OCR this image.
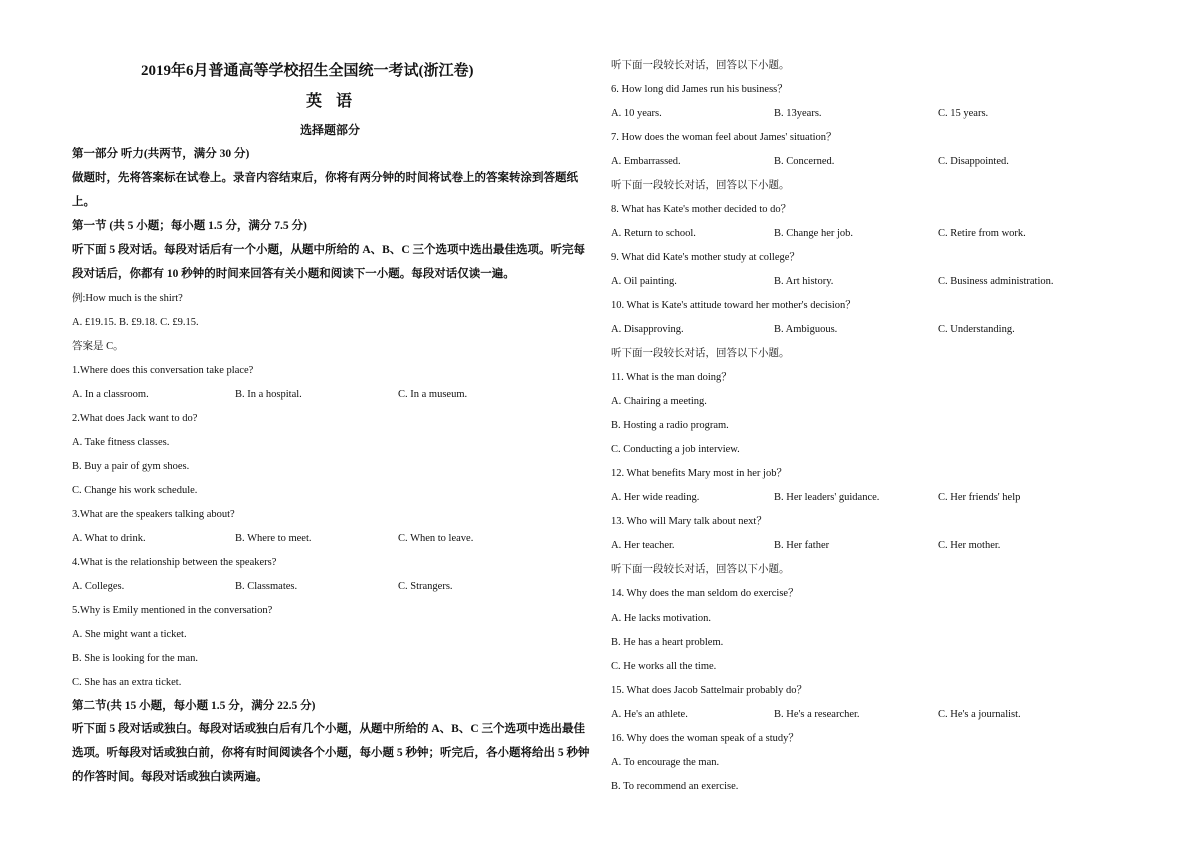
2019年6月普通高等学校招生全国统一考试(浙江卷)
英语
选择题部分
第一部分 听力(共两节，满分 30 分)
做题时，先将答案标在试卷上。录音内容结束后，你将有两分钟的时间将试卷上的答案转涂到答题纸上。
第一节 (共 5 小题；每小题 1.5 分，满分 7.5 分)
听下面 5 段对话。每段对话后有一个小题，从题中所给的 A、B、C 三个选项中选出最佳选项。听完每段对话后，你都有 10 秒钟的时间来回答有关小题和阅读下一小题。每段对话仅读一遍。
例:How much is the shirt?
A. £19.15. B. £9.18. C. £9.15.
答案是 C。
1.Where does this conversation take place?
A. In a classroom.	B. In a hospital.	C. In a museum.
2.What does Jack want to do?
A. Take fitness classes.
B. Buy a pair of gym shoes.
C. Change his work schedule.
3.What are the speakers talking about?
A. What to drink.	B. Where to meet.	C. When to leave.
4.What is the relationship between the speakers?
A. Colleges.	B. Classmates.	C. Strangers.
5.Why is Emily mentioned in the conversation?
A. She might want a ticket.
B. She is looking for the man.
C. She has an extra ticket.
第二节(共 15 小题，每小题 1.5 分，满分 22.5 分)
听下面 5 段对话或独白。每段对话或独白后有几个小题，从题中所给的 A、B、C 三个选项中选出最佳选项。听每段对话或独白前，你将有时间阅读各个小题，每小题 5 秒钟；听完后，各小题将给出 5 秒钟的作答时间。每段对话或独白读两遍。
听下面一段较长对话，回答以下小题。
6. How long did James run his business？
A. 10 years.	B. 13years.	C. 15 years.
7. How does the woman feel about James' situation？
A. Embarrassed.	B. Concerned.	C. Disappointed.
听下面一段较长对话，回答以下小题。
8. What has Kate's mother decided to do？
A. Return to school.	B. Change her job.	C. Retire from work.
9. What did Kate's mother study at college？
A. Oil painting.	B. Art history.	C. Business administration.
10. What is Kate's attitude toward her mother's decision？
A. Disapproving.	B. Ambiguous.	C. Understanding.
听下面一段较长对话，回答以下小题。
11. What is the man doing？
A. Chairing a meeting.
B. Hosting a radio program.
C. Conducting a job interview.
12. What benefits Mary most in her job？
A. Her wide reading.	B. Her leaders' guidance.	C. Her friends' help
13. Who will Mary talk about next？
A. Her teacher.	B. Her father	C. Her mother.
听下面一段较长对话，回答以下小题。
14. Why does the man seldom do exercise？
A. He lacks motivation.
B. He has a heart problem.
C. He works all the time.
15. What does Jacob Sattelmair probably do？
A. He's an athlete.	B. He's a researcher.	C. He's a journalist.
16. Why does the woman speak of a study？
A. To encourage the man.
B. To recommend an exercise.
